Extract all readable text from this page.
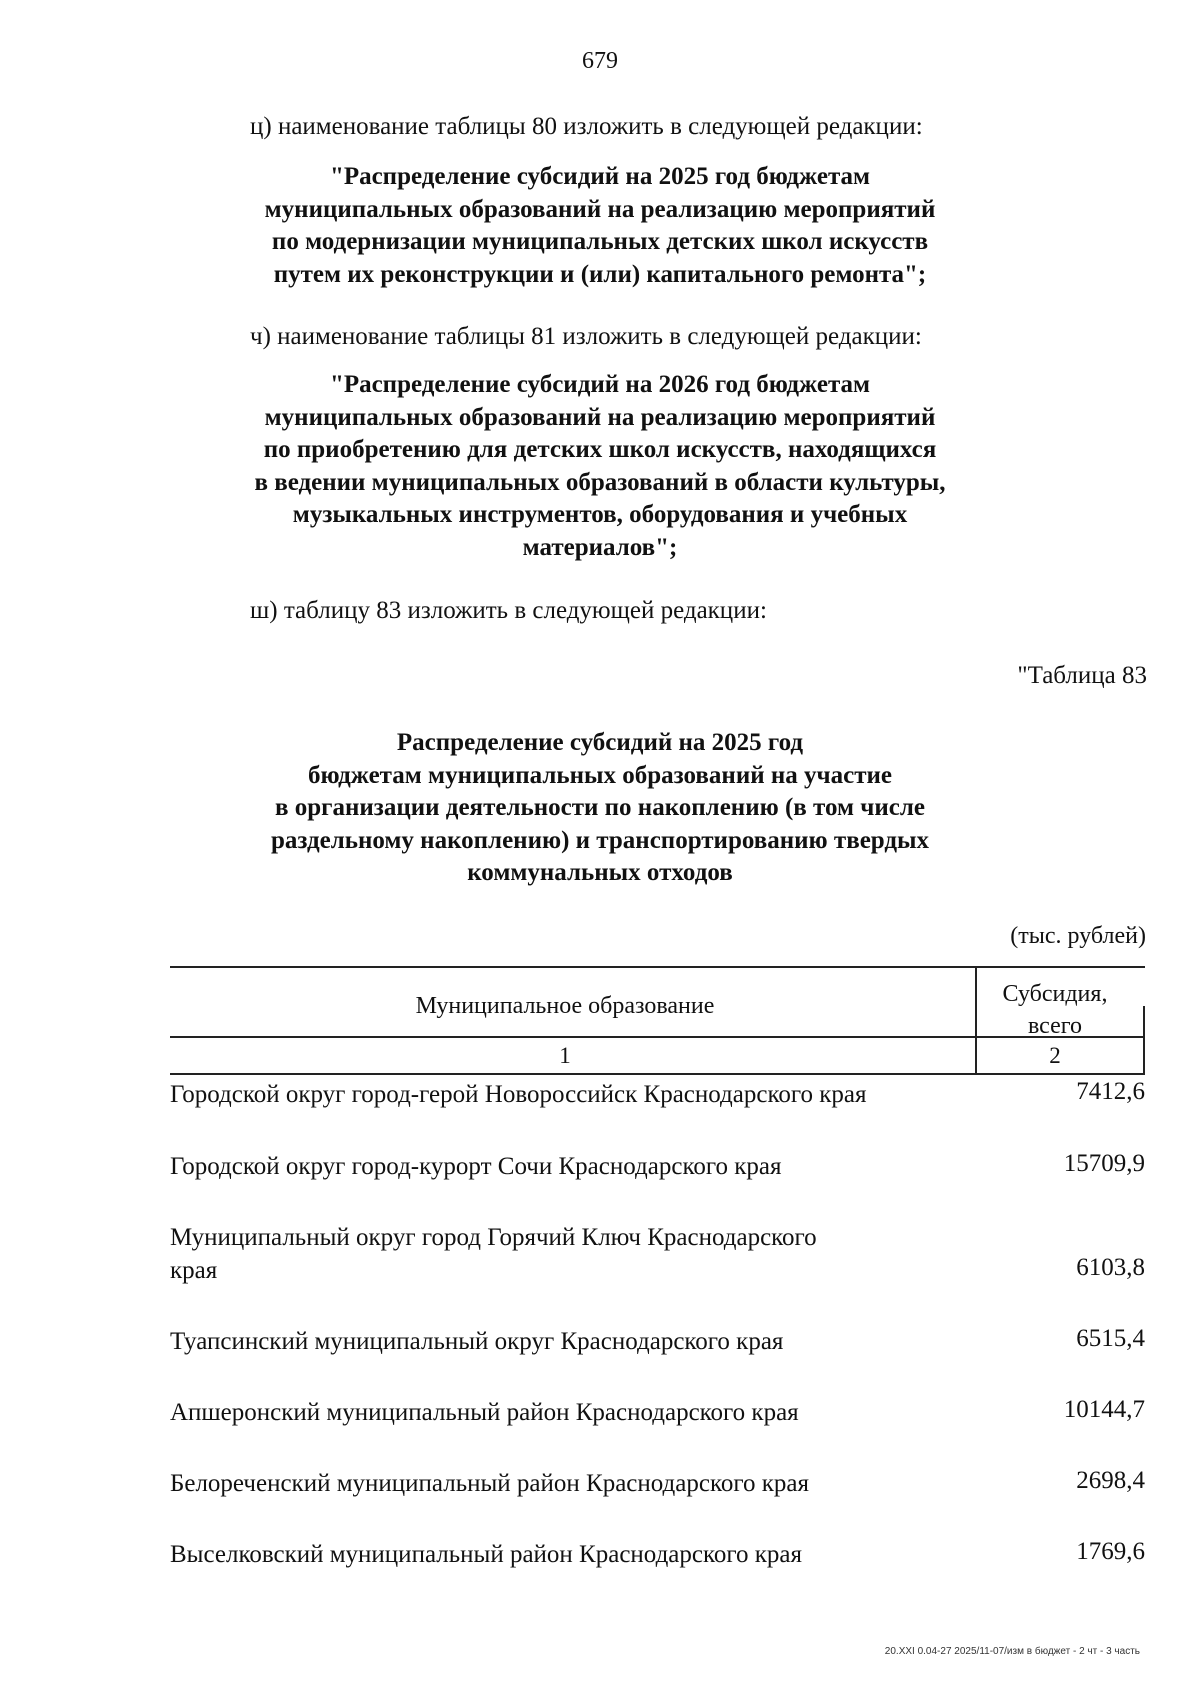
679
ц) наименование таблицы 80 изложить в следующей редакции:
"Распределение субсидий на 2025 год бюджетам
муниципальных образований на реализацию мероприятий
по модернизации муниципальных детских школ искусств
путем их реконструкции и (или) капитального ремонта";
ч) наименование таблицы 81 изложить в следующей редакции:
"Распределение субсидий на 2026 год бюджетам
муниципальных образований на реализацию мероприятий
по приобретению для детских школ искусств, находящихся
в ведении муниципальных образований в области культуры,
музыкальных инструментов, оборудования и учебных
материалов";
ш) таблицу 83 изложить в следующей редакции:
"Таблица 83
Распределение субсидий на 2025 год
бюджетам муниципальных образований на участие
в организации деятельности по накоплению (в том числе
раздельному накоплению) и транспортированию твердых
коммунальных отходов
(тыс. рублей)
Муниципальное образование	Субсидия,
всего
1	2
Городской округ город-герой Новороссийск Краснодарского края	7412,6
Городской округ город-курорт Сочи Краснодарского края	15709,9
Муниципальный округ город Горячий Ключ Краснодарского
края	6103,8
Туапсинский муниципальный округ Краснодарского края	6515,4
Апшеронский муниципальный район Краснодарского края	10144,7
Белореченский муниципальный район Краснодарского края	2698,4
Выселковский муниципальный район Краснодарского края	1769,6
20.XXI 0.04-27 2025/11-07/изм в бюджет - 2 чт - 3 часть
